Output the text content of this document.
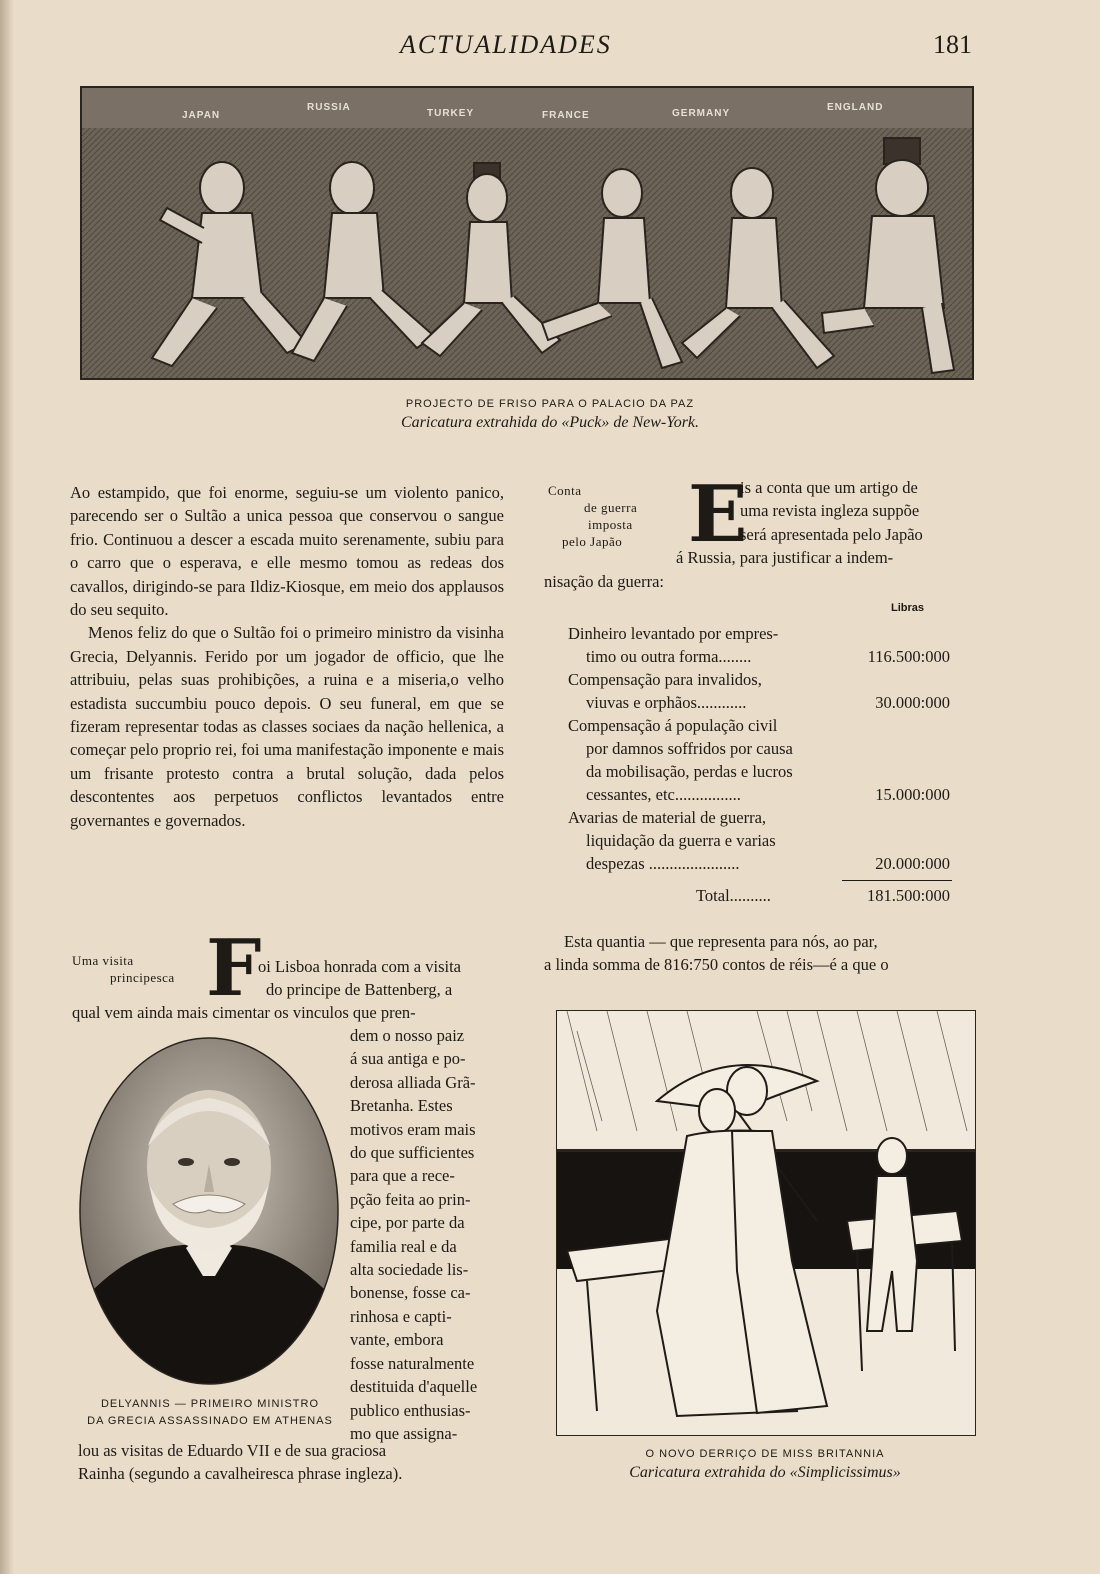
ACTUALIDADES	181
JAPAN
RUSSIA
TURKEY	FRANCE	GERMANY
ENGLAND
PROJECTO DE FRISO PARA O PALACIO DA PAZ
Caricatura extrahida do «Puck» de New-York.

Ao estampido, que foi enorme, seguiu-se um violento panico, parecendo ser o Sultão a unica pessoa que conservou o sangue frio. Continuou a descer a escada muito serenamente, subiu para o carro que o esperava, e elle mesmo tomou as redeas dos cavallos, dirigindo-se para Ildiz-Kiosque, em meio dos applausos do seu sequito.

Menos feliz do que o Sultão foi o primeiro ministro da visinha Grecia, Delyannis. Ferido por um jogador de officio, que lhe attribuiu, pelas suas prohibições, a ruina e a miseria,o velho estadista succumbiu pouco depois. O seu funeral, em que se fizeram representar todas as classes sociaes da nação hellenica, a começar pelo proprio rei, foi uma manifestação imponente e mais um frisante protesto contra a brutal solução, dada pelos descontentes aos perpetuos conflictos levantados entre governantes e governados.

Conta
de guerra
imposta
pelo Japão E
is a conta que um artigo de
uma revista ingleza suppõe
será apresentada pelo Japão
á Russia, para justificar a indem-
nisação da guerra:
Libras
Dinheiro levantado por empres-
timo ou outra forma........	116.500:000
Compensação para invalidos,
viuvas e orphãos............	30.000:000
Compensação á população civil
por damnos soffridos por causa
da mobilisação, perdas e lucros
cessantes, etc................	15.000:000
Avarias de material de guerra,
liquidação da guerra e varias
despezas ......................	20.000:000
Total..........	181.500:000
Esta quantia — que representa para nós, ao par,
a linda somma de 816:750 contos de réis—é a que o
Uma visita
principesca F
oi Lisboa honrada com a visita
do principe de Battenberg, a
qual vem ainda mais cimentar os vinculos que pren-
dem o nosso paiz
á sua antiga e po-
derosa alliada Grã-
Bretanha. Estes
motivos eram mais
do que sufficientes
para que a rece-
pção feita ao prin-
cipe, por parte da
familia real e da
alta sociedade lis-
bonense, fosse ca-
rinhosa e capti-
vante, embora
fosse naturalmente
destituida d'aquelle
publico enthusias-
mo que assigna-
lou as visitas de Eduardo VII e de sua graciosa
Rainha (segundo a cavalheiresca phrase ingleza).
DELYANNIS — PRIMEIRO MINISTRO
DA GRECIA ASSASSINADO EM ATHENAS
O NOVO DERRIÇO DE MISS BRITANNIA
Caricatura extrahida do «Simplicissimus»
